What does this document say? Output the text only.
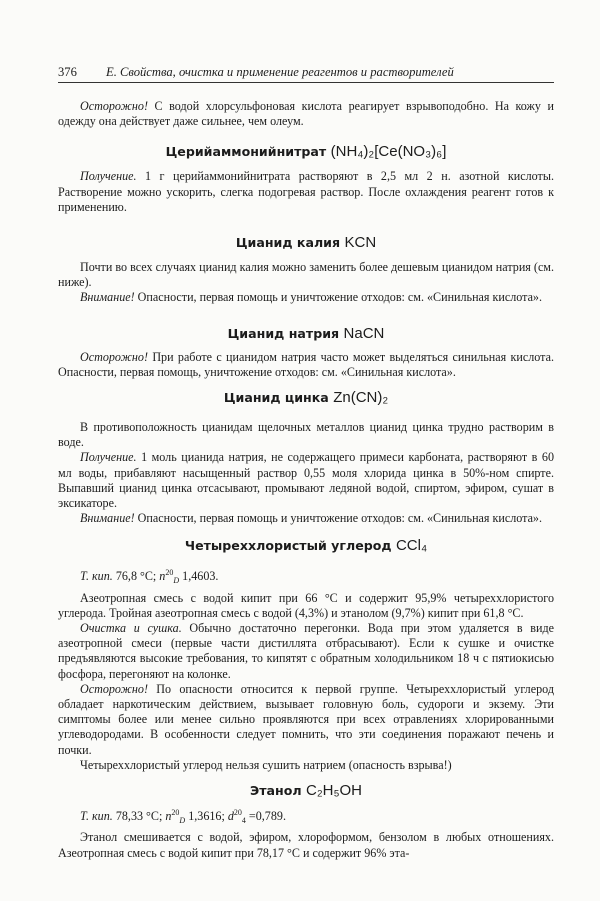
376	Е. Свойства, очистка и применение реагентов и растворителей

Осторожно! С водой хлорсульфоновая кислота реагирует взрывоподобно. На кожу и одежду она действует даже сильнее, чем олеум.

Церийаммонийнитрат (NH₄)₂[Ce(NO₃)₆]

Получение. 1 г церийаммонийнитрата растворяют в 2,5 мл 2 н. азотной кислоты. Растворение можно ускорить, слегка подогревая раствор. После охлаждения реагент готов к применению.

Цианид калия KCN

Почти во всех случаях цианид калия можно заменить более дешевым цианидом натрия (см. ниже).

Внимание! Опасности, первая помощь и уничтожение отходов: см. «Синильная кислота».

Цианид натрия NaCN

Осторожно! При работе с цианидом натрия часто может выделяться синильная кислота. Опасности, первая помощь, уничтожение отходов: см. «Синильная кислота».

Цианид цинка Zn(CN)₂

В противоположность цианидам щелочных металлов цианид цинка трудно растворим в воде.

Получение. 1 моль цианида натрия, не содержащего примеси карбоната, растворяют в 60 мл воды, прибавляют насыщенный раствор 0,55 моля хлорида цинка в 50%-ном спирте. Выпавший цианид цинка отсасывают, промывают ледяной водой, спиртом, эфиром, сушат в эксикаторе.

Внимание! Опасности, первая помощь и уничтожение отходов: см. «Синильная кислота».

Четыреххлористый углерод CCl₄

Т. кип. 76,8 °C; $n^{20}_D$ 1,4603.

Азеотропная смесь с водой кипит при 66 °C и содержит 95,9% четыреххлористого углерода. Тройная азеотропная смесь с водой (4,3%) и этанолом (9,7%) кипит при 61,8 °C.

Очистка и сушка. Обычно достаточно перегонки. Вода при этом удаляется в виде азеотропной смеси (первые части дистиллята отбрасывают). Если к сушке и очистке предъявляются высокие требования, то кипятят с обратным холодильником 18 ч с пятиокисью фосфора, перегоняют на колонке.

Осторожно! По опасности относится к первой группе. Четыреххлористый углерод обладает наркотическим действием, вызывает головную боль, судороги и экзему. Эти симптомы более или менее сильно проявляются при всех отравлениях хлорированными углеводородами. В особенности следует помнить, что эти соединения поражают печень и почки.

Четыреххлористый углерод нельзя сушить натрием (опасность взрыва!)

Этанол C₂H₅OH

Т. кип. 78,33 °C; $n^{20}_D$ 1,3616; $d^{20}_4 =0,789$.

Этанол смешивается с водой, эфиром, хлороформом, бензолом в любых отношениях. Азеотропная смесь с водой кипит при 78,17 °C и содержит 96% эта-
